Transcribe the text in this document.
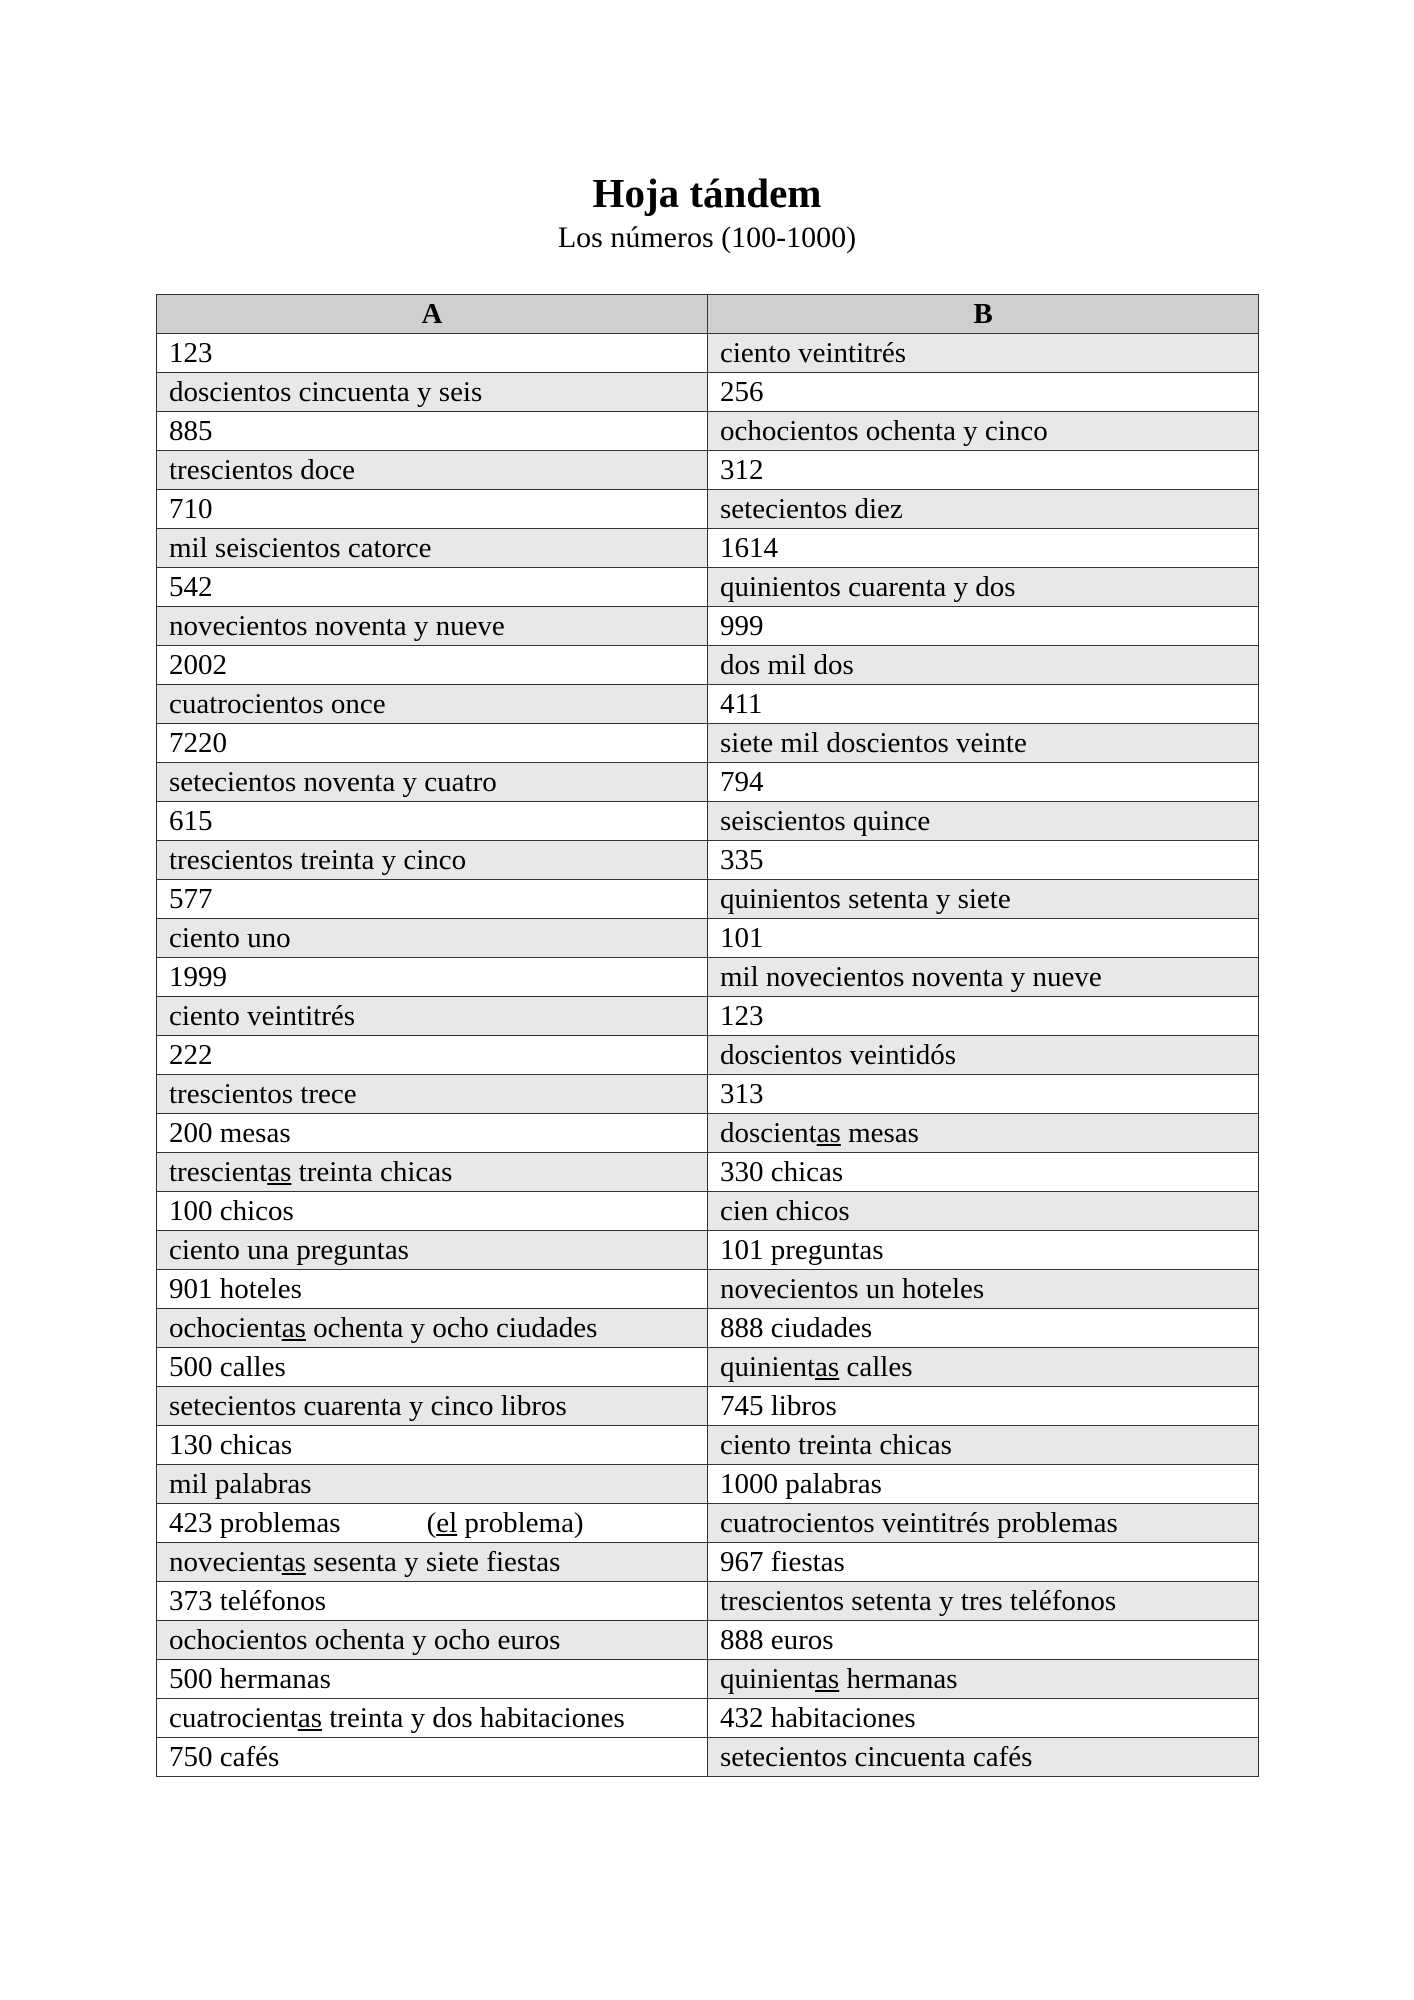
Hoja tándem
Los números (100-1000)
A	B
123	ciento veintitrés
doscientos cincuenta y seis	256
885	ochocientos ochenta y cinco
trescientos doce	312
710	setecientos diez
mil seiscientos catorce	1614
542	quinientos cuarenta y dos
novecientos noventa y nueve	999
2002	dos mil dos
cuatrocientos once	411
7220	siete mil doscientos veinte
setecientos noventa y cuatro	794
615	seiscientos quince
trescientos treinta y cinco	335
577	quinientos setenta y siete
ciento uno	101
1999	mil novecientos noventa y nueve
ciento veintitrés	123
222	doscientos veintidós
trescientos trece	313
200 mesas	doscientas mesas
trescientas treinta chicas	330 chicas
100 chicos	cien chicos
ciento una preguntas	101 preguntas
901 hoteles	novecientos un hoteles
ochocientas ochenta y ocho ciudades	888 ciudades
500 calles	quinientas calles
setecientos cuarenta y cinco libros	745 libros
130 chicas	ciento treinta chicas
mil palabras	1000 palabras
423 problemas (el problema)	cuatrocientos veintitrés problemas
novecientas sesenta y siete fiestas	967 fiestas
373 teléfonos	trescientos setenta y tres teléfonos
ochocientos ochenta y ocho euros	888 euros
500 hermanas	quinientas hermanas
cuatrocientas treinta y dos habitaciones	432 habitaciones
750 cafés	setecientos cincuenta cafés
